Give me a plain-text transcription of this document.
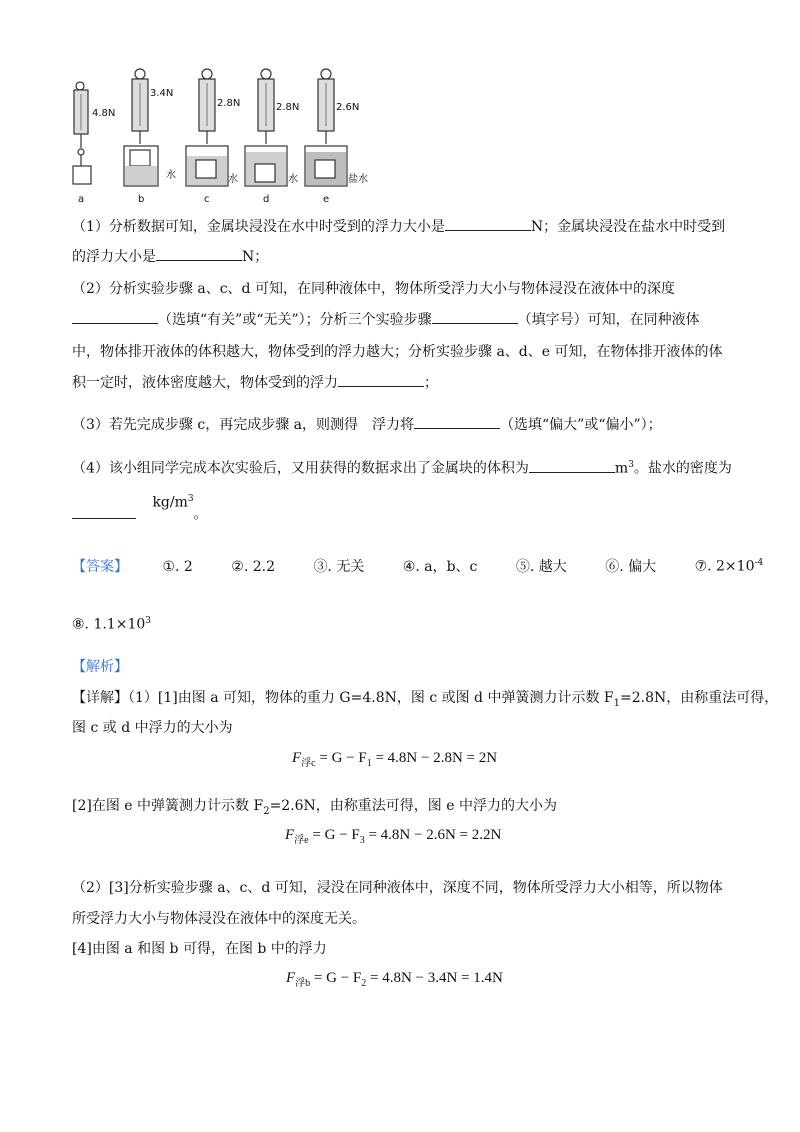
4.8N
3.4N
2.8N	2.8N	2.6N
水	水	水	盐水
a	b	c	d	e
（1）分析数据可知，金属块浸没在水中时受到的浮力大小是	N；金属块浸没在盐水中时受到
的浮力大小是	N；
（2）分析实验步骤 a、c、d 可知，在同种液体中，物体所受浮力大小与物体浸没在液体中的深度
（选填“有关”或“无关”）；分析三个实验步骤	（填字号）可知，在同种液体
中，物体排开液体的体积越大，物体受到的浮力越大；分析实验步骤 a、d、e 可知，在物体排开液体的体
积一定时，液体密度越大，物体受到的浮力	；
（3）若先完成步骤 c，再完成步骤 a，则测得　浮力将	（选填“偏大”或“偏小”）；
（4）该小组同学完成本次实验后，又用获得的数据求出了金属块的体积为	$m^3$。盐水的密度为
$kg/m^3$。
【答案】 ①. 2	②. 2.2	③. 无关	④. a，b、c	⑤. 越大	⑥. 偏大	⑦. $2\times 10^{-4}$
⑧. $1.1\times 10^3$
【解析】
【详解】（1）[1]由图 a 可知，物体的重力 G=4.8N，图 c 或图 d 中弹簧测力计示数 $F_1=2.8N$，由称重法可得，
图 c 或 d 中浮力的大小为
$F_{浮c} = G - F_1 = 4.8N - 2.8N = 2N$
[2]在图 e 中弹簧测力计示数 $F_2=2.6N$，由称重法可得，图 e 中浮力的大小为
$F_{浮e} = G - F_3 = 4.8N - 2.6N = 2.2N$
（2）[3]分析实验步骤 a、c、d 可知，浸没在同种液体中，深度不同，物体所受浮力大小相等，所以物体
所受浮力大小与物体浸没在液体中的深度无关。
[4]由图 a 和图 b 可得，在图 b 中的浮力
$F_{浮b} = G - F_2 = 4.8N - 3.4N = 1.4N$
